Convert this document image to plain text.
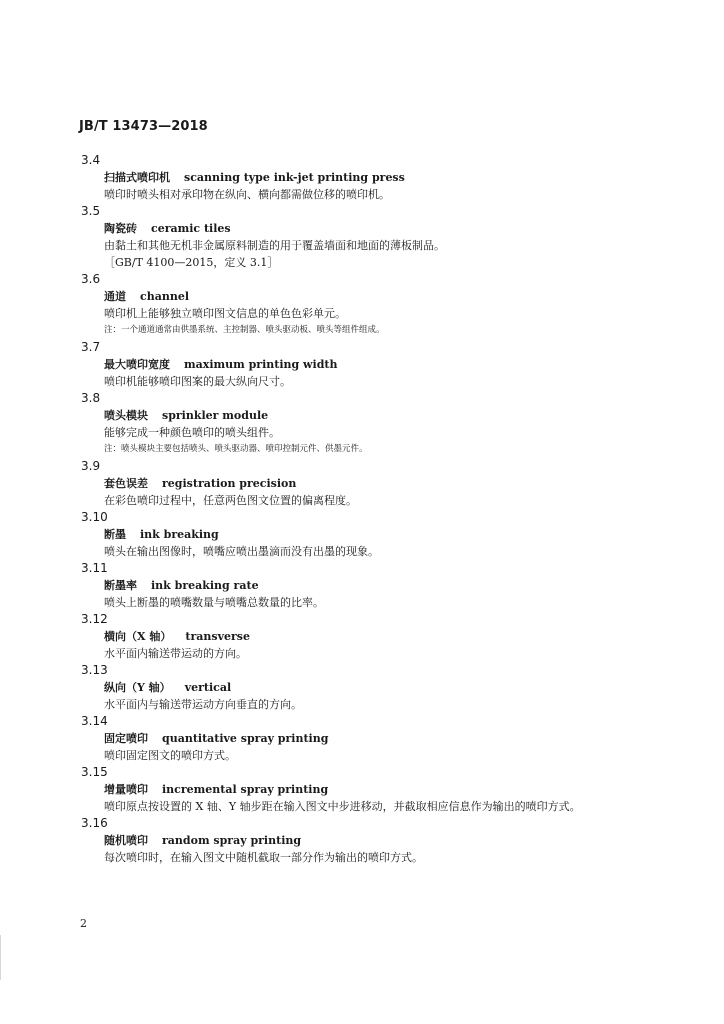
JB/T 13473—2018
3.4
扫描式喷印机 scanning type ink-jet printing press
喷印时喷头相对承印物在纵向、横向都需做位移的喷印机。
3.5
陶瓷砖 ceramic tiles
由黏土和其他无机非金属原料制造的用于覆盖墙面和地面的薄板制品。
［GB/T 4100—2015，定义 3.1］
3.6
通道 channel
喷印机上能够独立喷印图文信息的单色色彩单元。
注：一个通道通常由供墨系统、主控制器、喷头驱动板、喷头等组件组成。
3.7
最大喷印宽度 maximum printing width
喷印机能够喷印图案的最大纵向尺寸。
3.8
喷头模块 sprinkler module
能够完成一种颜色喷印的喷头组件。
注：喷头模块主要包括喷头、喷头驱动器、喷印控制元件、供墨元件。
3.9
套色误差 registration precision
在彩色喷印过程中，任意两色图文位置的偏离程度。
3.10
断墨 ink breaking
喷头在输出图像时，喷嘴应喷出墨滴而没有出墨的现象。
3.11
断墨率 ink breaking rate
喷头上断墨的喷嘴数量与喷嘴总数量的比率。
3.12
横向（X 轴） transverse
水平面内输送带运动的方向。
3.13
纵向（Y 轴） vertical
水平面内与输送带运动方向垂直的方向。
3.14
固定喷印 quantitative spray printing
喷印固定图文的喷印方式。
3.15
增量喷印 incremental spray printing
喷印原点按设置的 X 轴、Y 轴步距在输入图文中步进移动，并截取相应信息作为输出的喷印方式。
3.16
随机喷印 random spray printing
每次喷印时，在输入图文中随机截取一部分作为输出的喷印方式。
2
